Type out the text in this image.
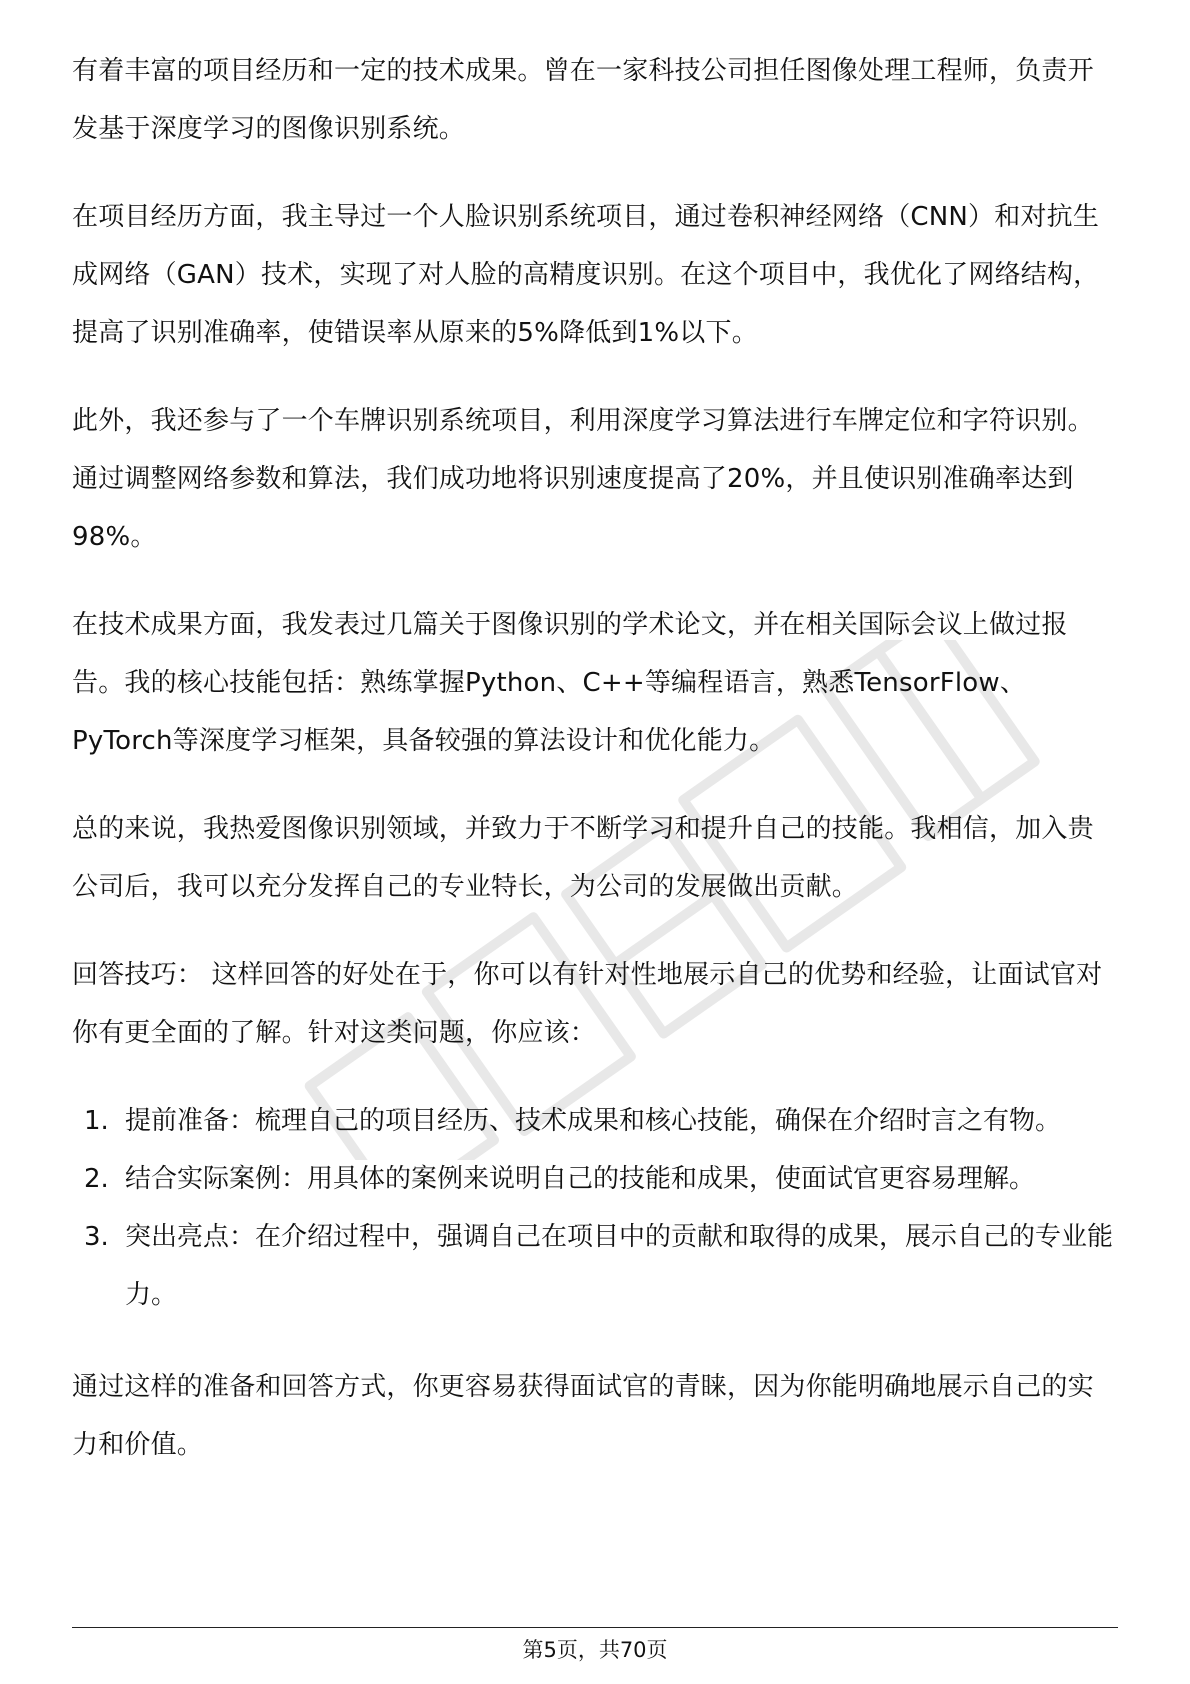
有着丰富的项目经历和一定的技术成果。曾在一家科技公司担任图像处理工程师，负责开发基于深度学习的图像识别系统。

在项目经历方面，我主导过一个人脸识别系统项目，通过卷积神经网络（CNN）和对抗生成网络（GAN）技术，实现了对人脸的高精度识别。在这个项目中，我优化了网络结构，提高了识别准确率，使错误率从原来的5%降低到1%以下。

此外，我还参与了一个车牌识别系统项目，利用深度学习算法进行车牌定位和字符识别。通过调整网络参数和算法，我们成功地将识别速度提高了20%，并且使识别准确率达到98%。

在技术成果方面，我发表过几篇关于图像识别的学术论文，并在相关国际会议上做过报告。我的核心技能包括：熟练掌握Python、C++等编程语言，熟悉TensorFlow、PyTorch等深度学习框架，具备较强的算法设计和优化能力。

总的来说，我热爱图像识别领域，并致力于不断学习和提升自己的技能。我相信，加入贵公司后，我可以充分发挥自己的专业特长，为公司的发展做出贡献。

回答技巧： 这样回答的好处在于，你可以有针对性地展示自己的优势和经验，让面试官对你有更全面的了解。针对这类问题，你应该：

1. 提前准备：梳理自己的项目经历、技术成果和核心技能，确保在介绍时言之有物。
2. 结合实际案例：用具体的案例来说明自己的技能和成果，使面试官更容易理解。
3. 突出亮点：在介绍过程中，强调自己在项目中的贡献和取得的成果，展示自己的专业能力。

通过这样的准备和回答方式，你更容易获得面试官的青睐，因为你能明确地展示自己的实力和价值。

第5页，共70页
